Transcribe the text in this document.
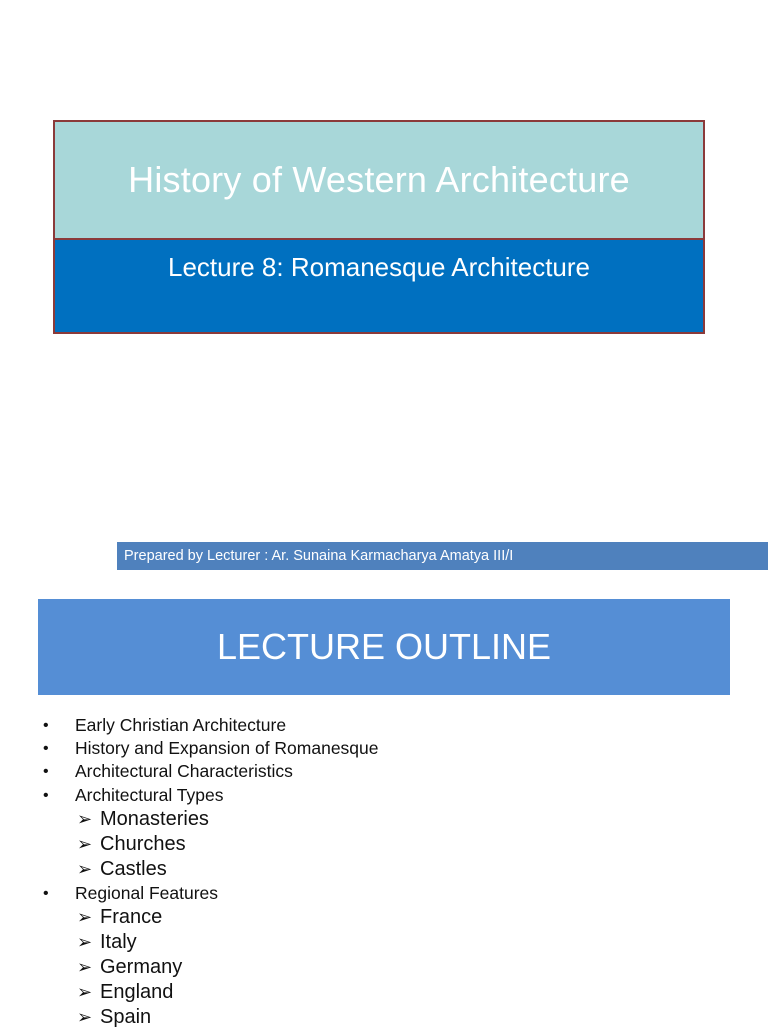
History of Western Architecture
Lecture 8: Romanesque Architecture
Prepared by Lecturer : Ar. Sunaina Karmacharya Amatya III/I
LECTURE OUTLINE
• Early Christian Architecture
• History and Expansion of Romanesque
• Architectural Characteristics
• Architectural Types
➢ Monasteries
➢ Churches
➢ Castles
• Regional Features
➢ France
➢ Italy
➢ Germany
➢ England
➢ Spain
